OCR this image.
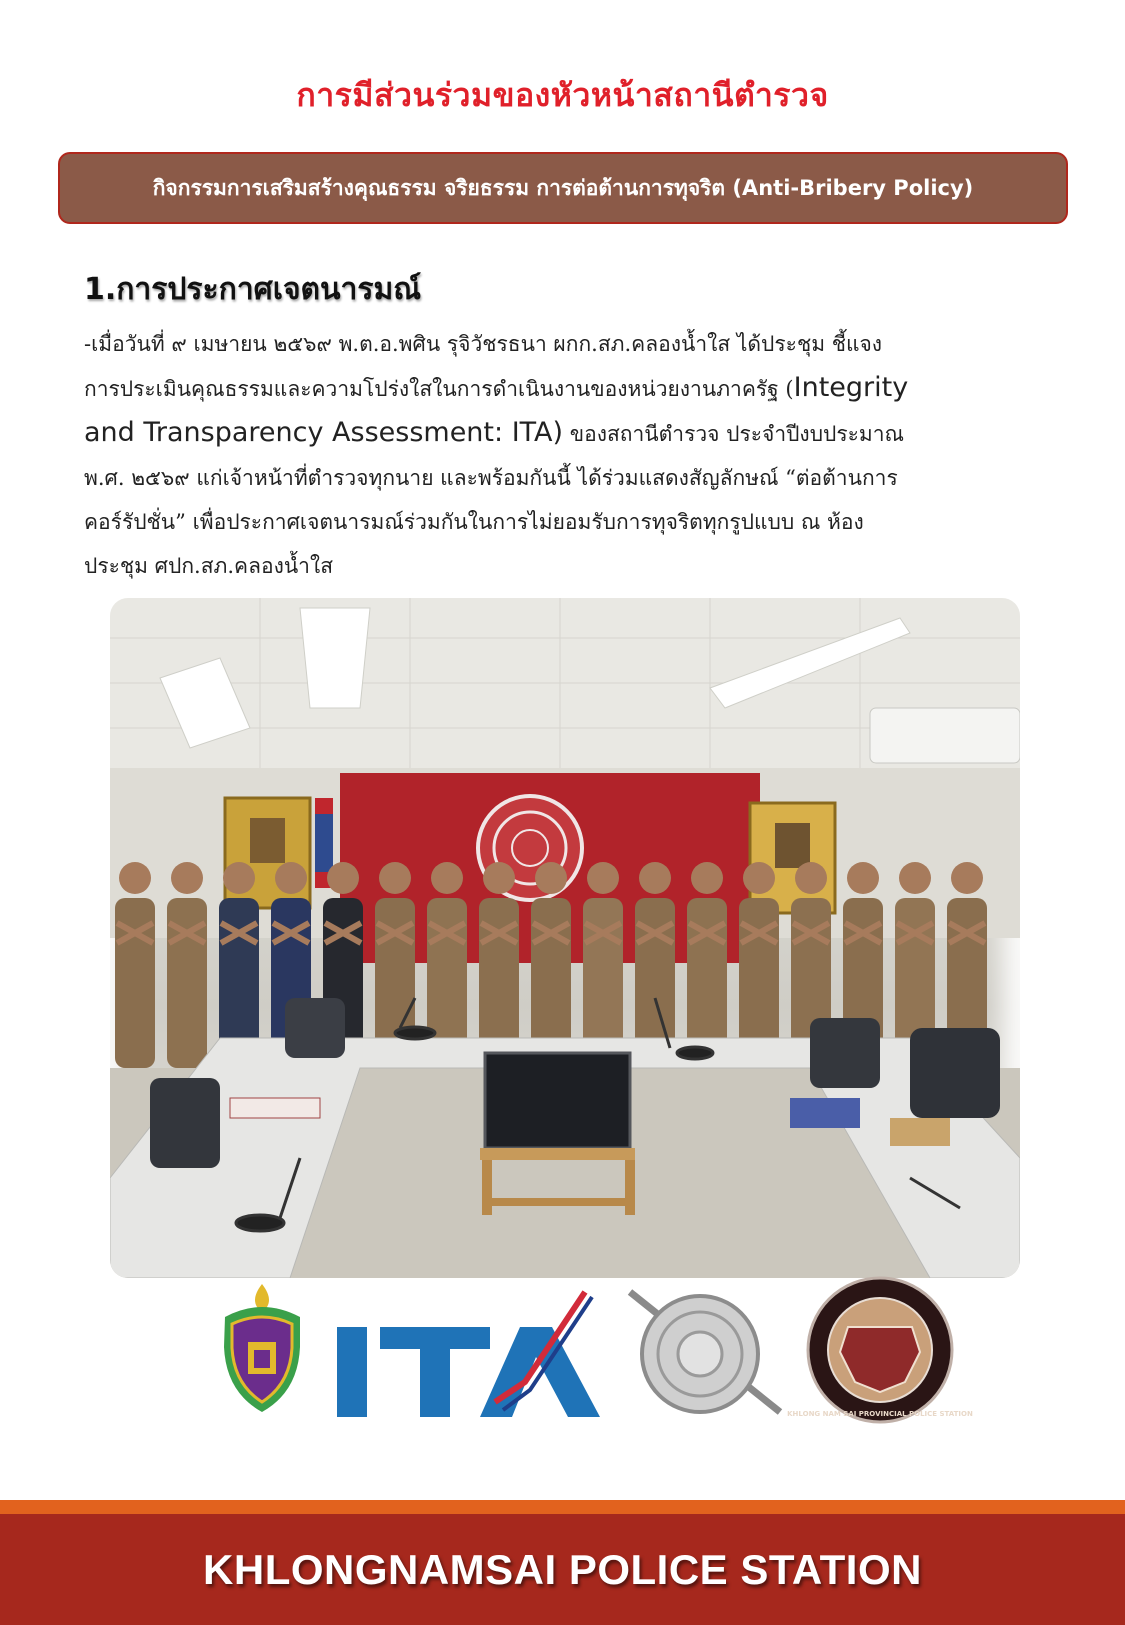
การมีส่วนร่วมของหัวหน้าสถานีตำรวจ
กิจกรรมการเสริมสร้างคุณธรรม จริยธรรม การต่อต้านการทุจริต (Anti-Bribery Policy)
1.การประกาศเจตนารมณ์
-เมื่อวันที่ ๙ เมษายน ๒๕๖๙ พ.ต.อ.พศิน รุจิวัชรธนา ผกก.สภ.คลองน้ำใส ได้ประชุม ชี้แจง
การประเมินคุณธรรมและความโปร่งใสในการดำเนินงานของหน่วยงานภาครัฐ (Integrity
and Transparency Assessment: ITA) ของสถานีตำรวจ ประจำปีงบประมาณ
พ.ศ. ๒๕๖๙ แก่เจ้าหน้าที่ตำรวจทุกนาย และพร้อมกันนี้ ได้ร่วมแสดงสัญลักษณ์ “ต่อต้านการ
คอร์รัปชั่น” เพื่อประกาศเจตนารมณ์ร่วมกันในการไม่ยอมรับการทุจริตทุกรูปแบบ ณ ห้อง
ประชุม ศปก.สภ.คลองน้ำใส
ITA
KHLONG NAM SAI PROVINCIAL POLICE STATION
KHLONGNAMSAI POLICE STATION
